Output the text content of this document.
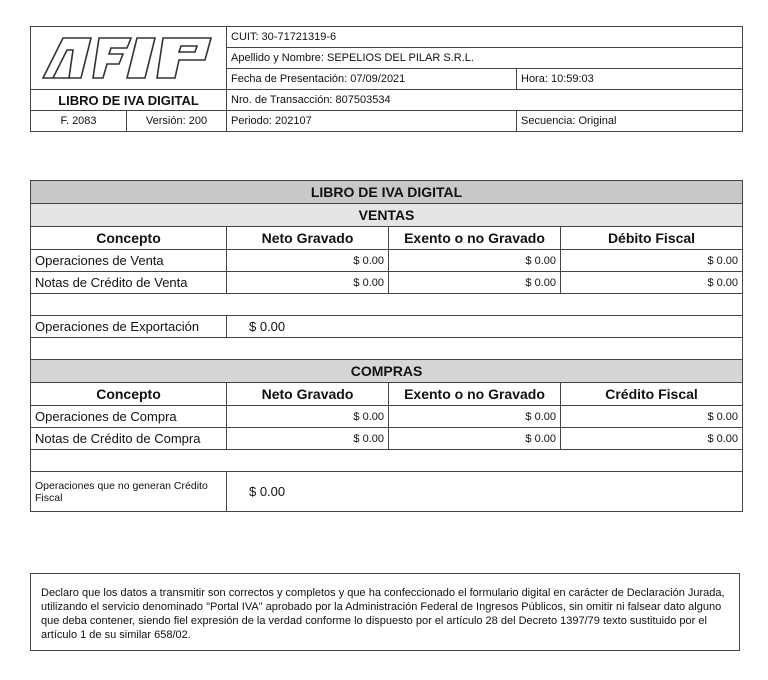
	CUIT: 30-71721319-6	
		Apellido y Nombre: SEPELIOS DEL PILAR S.R.L.	
		Fecha de Presentación: 07/09/2021	Hora: 10:59:03
LIBRO DE IVA DIGITAL		Nro. de Transacción: 807503534	
F. 2083	Versión: 200	Periodo: 202107	Secuencia: Original
LIBRO DE IVA DIGITAL			
VENTAS			
Concepto	Neto Gravado	Exento o no Gravado	Débito Fiscal
Operaciones de Venta	$ 0.00	$ 0.00	$ 0.00
Notas de Crédito de Venta	$ 0.00	$ 0.00	$ 0.00

Operaciones de Exportación	$ 0.00		

COMPRAS			
Concepto	Neto Gravado	Exento o no Gravado	Crédito Fiscal
Operaciones de Compra	$ 0.00	$ 0.00	$ 0.00
Notas de Crédito de Compra	$ 0.00	$ 0.00	$ 0.00

Operaciones que no generan Crédito Fiscal	$ 0.00		
Declaro que los datos a transmitir son correctos y completos y que ha confeccionado el formulario digital en carácter de Declaración Jurada, utilizando el servicio denominado "Portal IVA" aprobado por la Administración Federal de Ingresos Públicos, sin omitir ni falsear dato alguno que deba contener, siendo fiel expresión de la verdad conforme lo dispuesto por el artículo 28 del Decreto 1397/79 texto sustituido por el artículo 1 de su similar 658/02.
